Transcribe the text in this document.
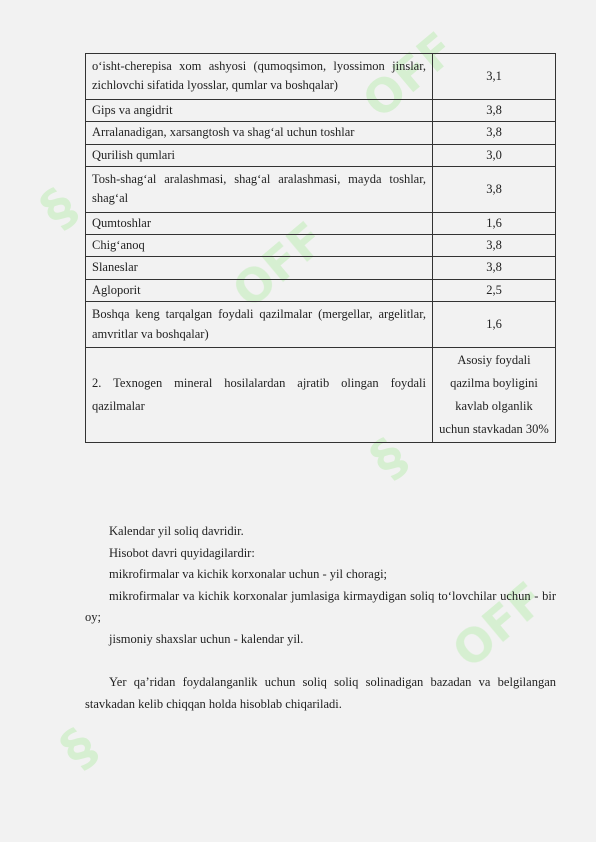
OFF
§
§
OFF
§
OFF
o‘isht-cherepisa xom ashyosi (qumoqsimon, lyossimon jinslar, zichlovchi sifatida lyosslar, qumlar va boshqalar)	3,1
Gips va angidrit	3,8
Arralanadigan, xarsangtosh va shag‘al uchun toshlar	3,8
Qurilish qumlari	3,0
Tosh-shag‘al aralashmasi, shag‘al aralashmasi, mayda toshlar, shag‘al	3,8
Qumtoshlar	1,6
Chig‘anoq	3,8
Slaneslar	3,8
Agloporit	2,5
Boshqa keng tarqalgan foydali qazilmalar (mergellar, argelitlar, amvritlar va boshqalar)	1,6
2. Texnogen mineral hosilalardan ajratib olingan foydali qazilmalar	Asosiy foydali qazilma boyligini kavlab olganlik uchun stavkadan 30%

Kalendar yil soliq davridir.

Hisobot davri quyidagilardir:

mikrofirmalar va kichik korxonalar uchun - yil choragi;

mikrofirmalar va kichik korxonalar jumlasiga kirmaydigan soliq to‘lovchilar uchun - bir oy;

jismoniy shaxslar uchun - kalendar yil.

Yer qa’ridan foydalanganlik uchun soliq soliq solinadigan bazadan va belgilangan stavkadan kelib chiqqan holda hisoblab chiqariladi.
